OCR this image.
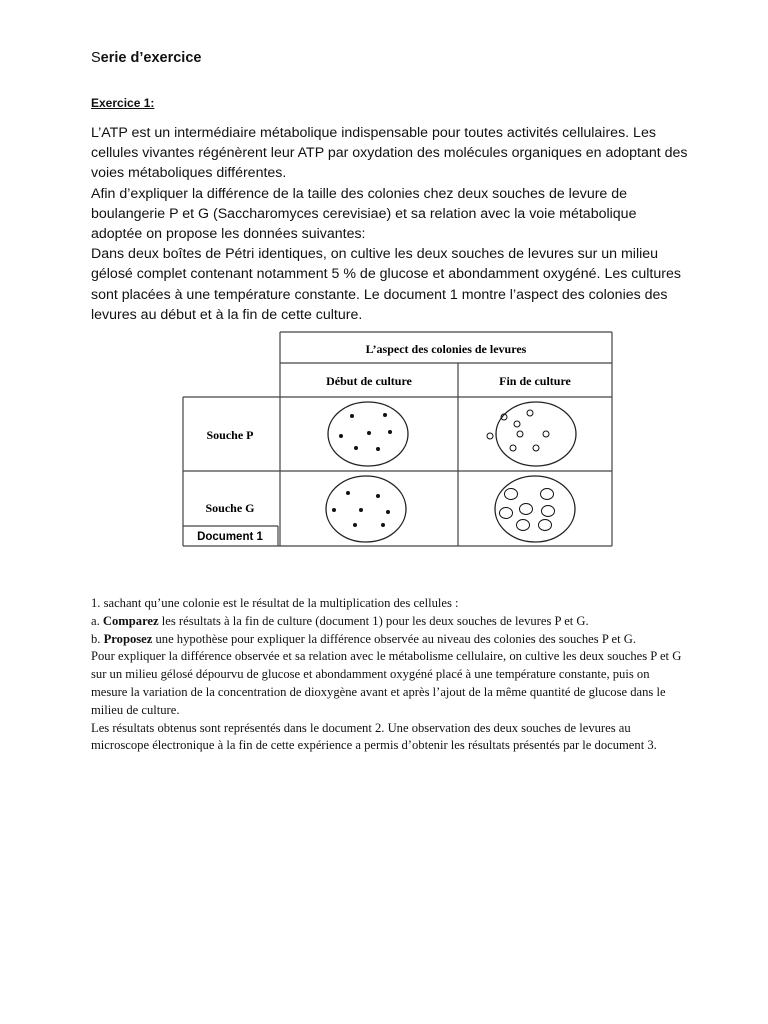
Serie d’exercice
Exercice 1:

L’ATP est un intermédiaire métabolique indispensable pour toutes activités cellulaires. Les cellules vivantes régénèrent leur ATP par oxydation des molécules organiques en adoptant des voies métaboliques différentes.

Afin d’expliquer la différence de la taille des colonies chez deux souches de levure de boulangerie P et G (Saccharomyces cerevisiae) et sa relation avec la voie métabolique adoptée on propose les données suivantes:

Dans deux boîtes de Pétri identiques, on cultive les deux souches de levures sur un milieu gélosé complet contenant notamment 5 % de glucose et abondamment oxygéné. Les cultures sont placées à une température constante. Le document 1 montre l’aspect des colonies des levures au début et à la fin de cette culture.

L’aspect des colonies de levures
Début de culture	Fin de culture
Souche P
Souche G
Document 1

1. sachant qu’une colonie est le résultat de la multiplication des cellules :

a. Comparez les résultats à la fin de culture (document 1) pour les deux souches de levures P et G.

b. Proposez une hypothèse pour expliquer la différence observée au niveau des colonies des souches P et G.

Pour expliquer la différence observée et sa relation avec le métabolisme cellulaire, on cultive les deux souches P et G sur un milieu gélosé dépourvu de glucose et abondamment oxygéné placé à une température constante, puis on mesure la variation de la concentration de dioxygène avant et après l’ajout de la même quantité de glucose dans le milieu de culture.

Les résultats obtenus sont représentés dans le document 2. Une observation des deux souches de levures au microscope électronique à la fin de cette expérience a permis d’obtenir les résultats présentés par le document 3.
